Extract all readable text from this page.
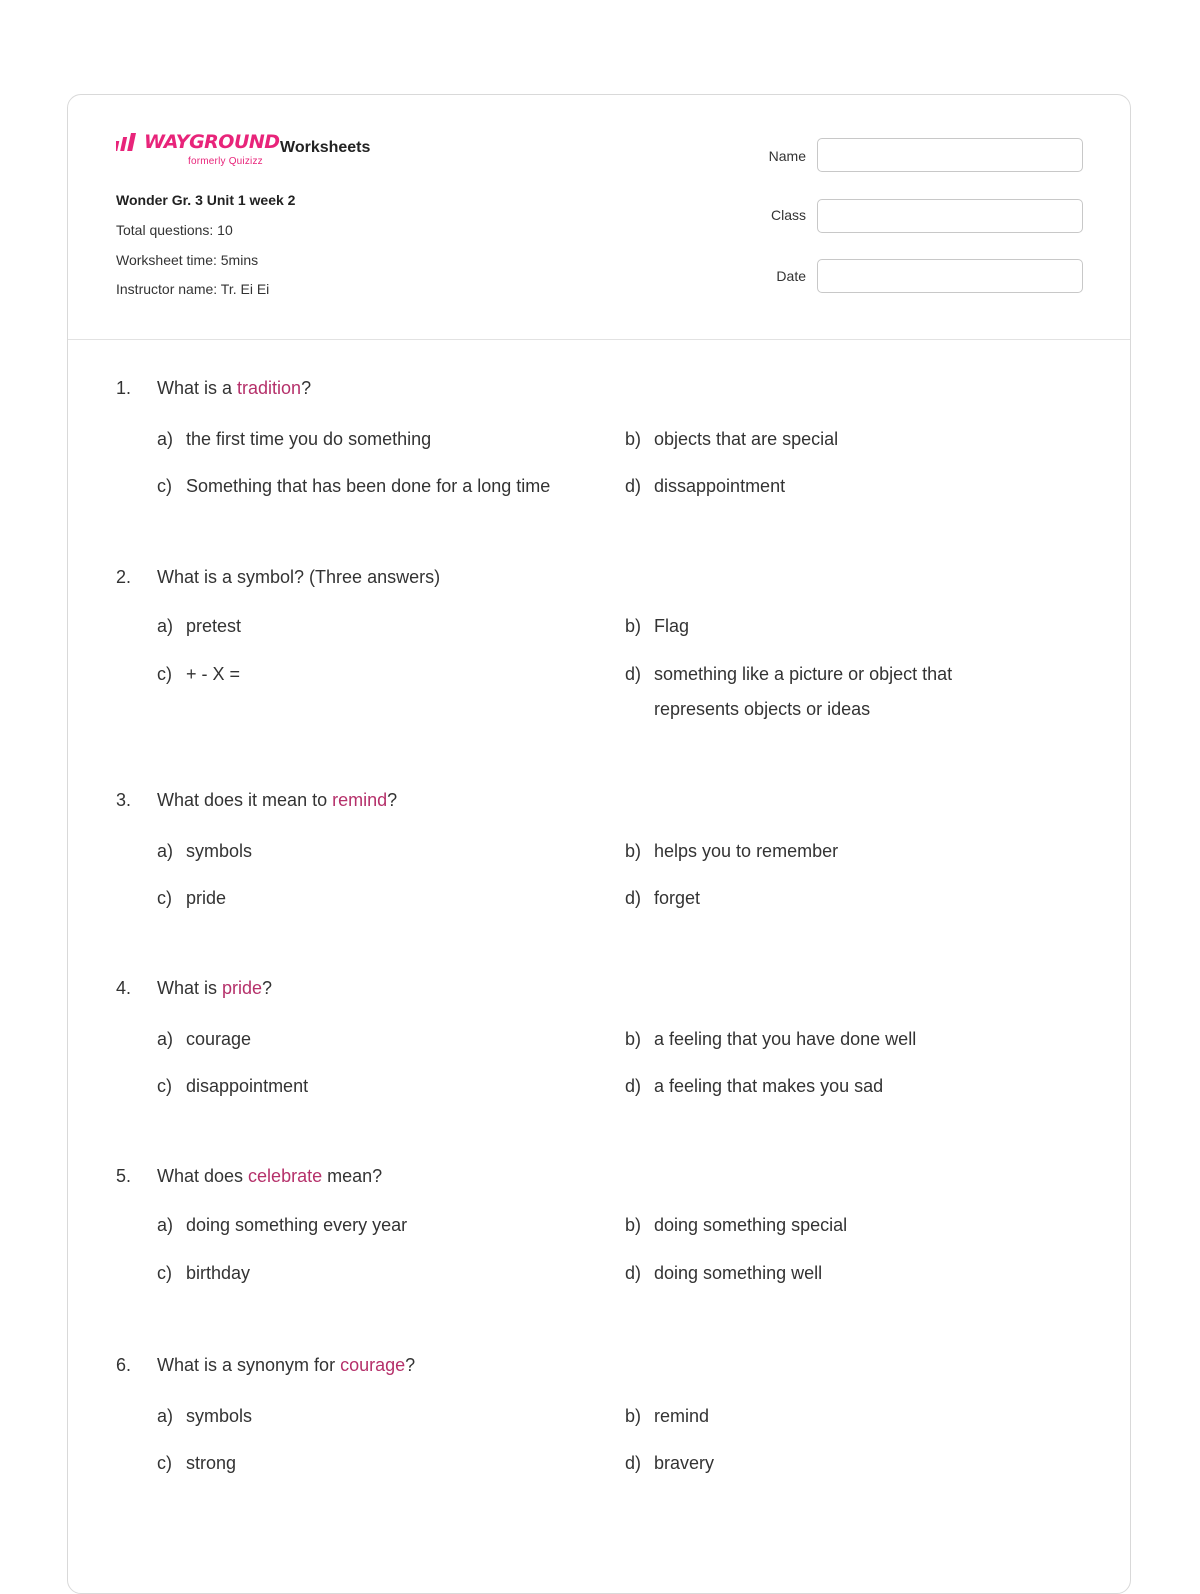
WAYGROUND
formerly Quizizz
Worksheets
Wonder Gr. 3 Unit 1 week 2
Total questions: 10
Worksheet time: 5mins
Instructor name: Tr. Ei Ei
Name
Class
Date
1. What is a tradition?
a) the first time you do something	b) objects that are special
c) Something that has been done for a long time	d) dissappointment
2. What is a symbol? (Three answers)
a) pretest	b) Flag
c) + - X =	d) something like a picture or object that represents objects or ideas
3. What does it mean to remind?
a) symbols	b) helps you to remember
c) pride	d) forget
4. What is pride?
a) courage	b) a feeling that you have done well
c) disappointment	d) a feeling that makes you sad
5. What does celebrate mean?
a) doing something every year	b) doing something special
c) birthday	d) doing something well
6. What is a synonym for courage?
a) symbols	b) remind
c) strong	d) bravery
